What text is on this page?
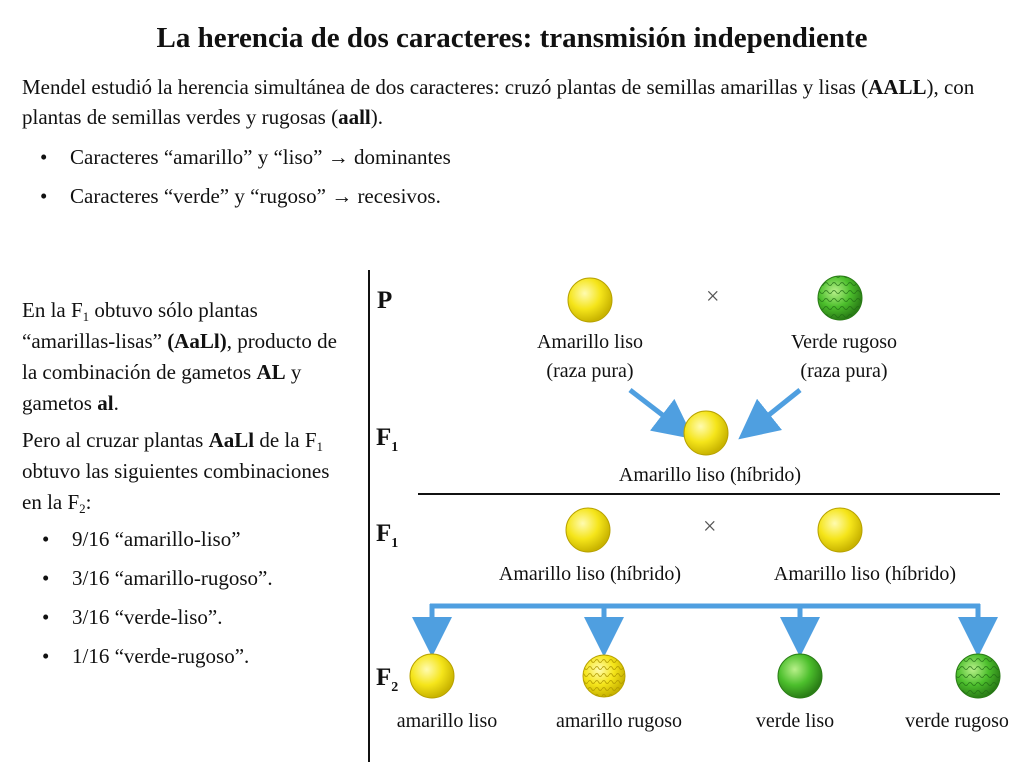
La herencia de dos caracteres: transmisión independiente
Mendel estudió la herencia simultánea de dos caracteres: cruzó plantas de semillas amarillas y lisas (AALL), con plantas de semillas verdes y rugosas (aall).
• Caracteres “amarillo” y “liso” → dominantes
• Caracteres “verde” y “rugoso” → recesivos.

En la $F_1$ obtuvo sólo plantas “amarillas-lisas” (AaLl), producto de la combinación de gametos AL y gametos al.

Pero al cruzar plantas AaLl de la $F_1$ obtuvo las siguientes combinaciones en la $F_2$:

• 9/16 “amarillo-liso”
• 3/16 “amarillo-rugoso”.
• 3/16 “verde-liso”.
• 1/16 “verde-rugoso”.
P
$F_1$
$F_1$
$F_2$
×
×
Amarillo liso
(raza pura)
Verde rugoso
(raza pura)
Amarillo liso (híbrido)
Amarillo liso (híbrido)	Amarillo liso (híbrido)
amarillo liso	amarillo rugoso	verde liso	verde rugoso
